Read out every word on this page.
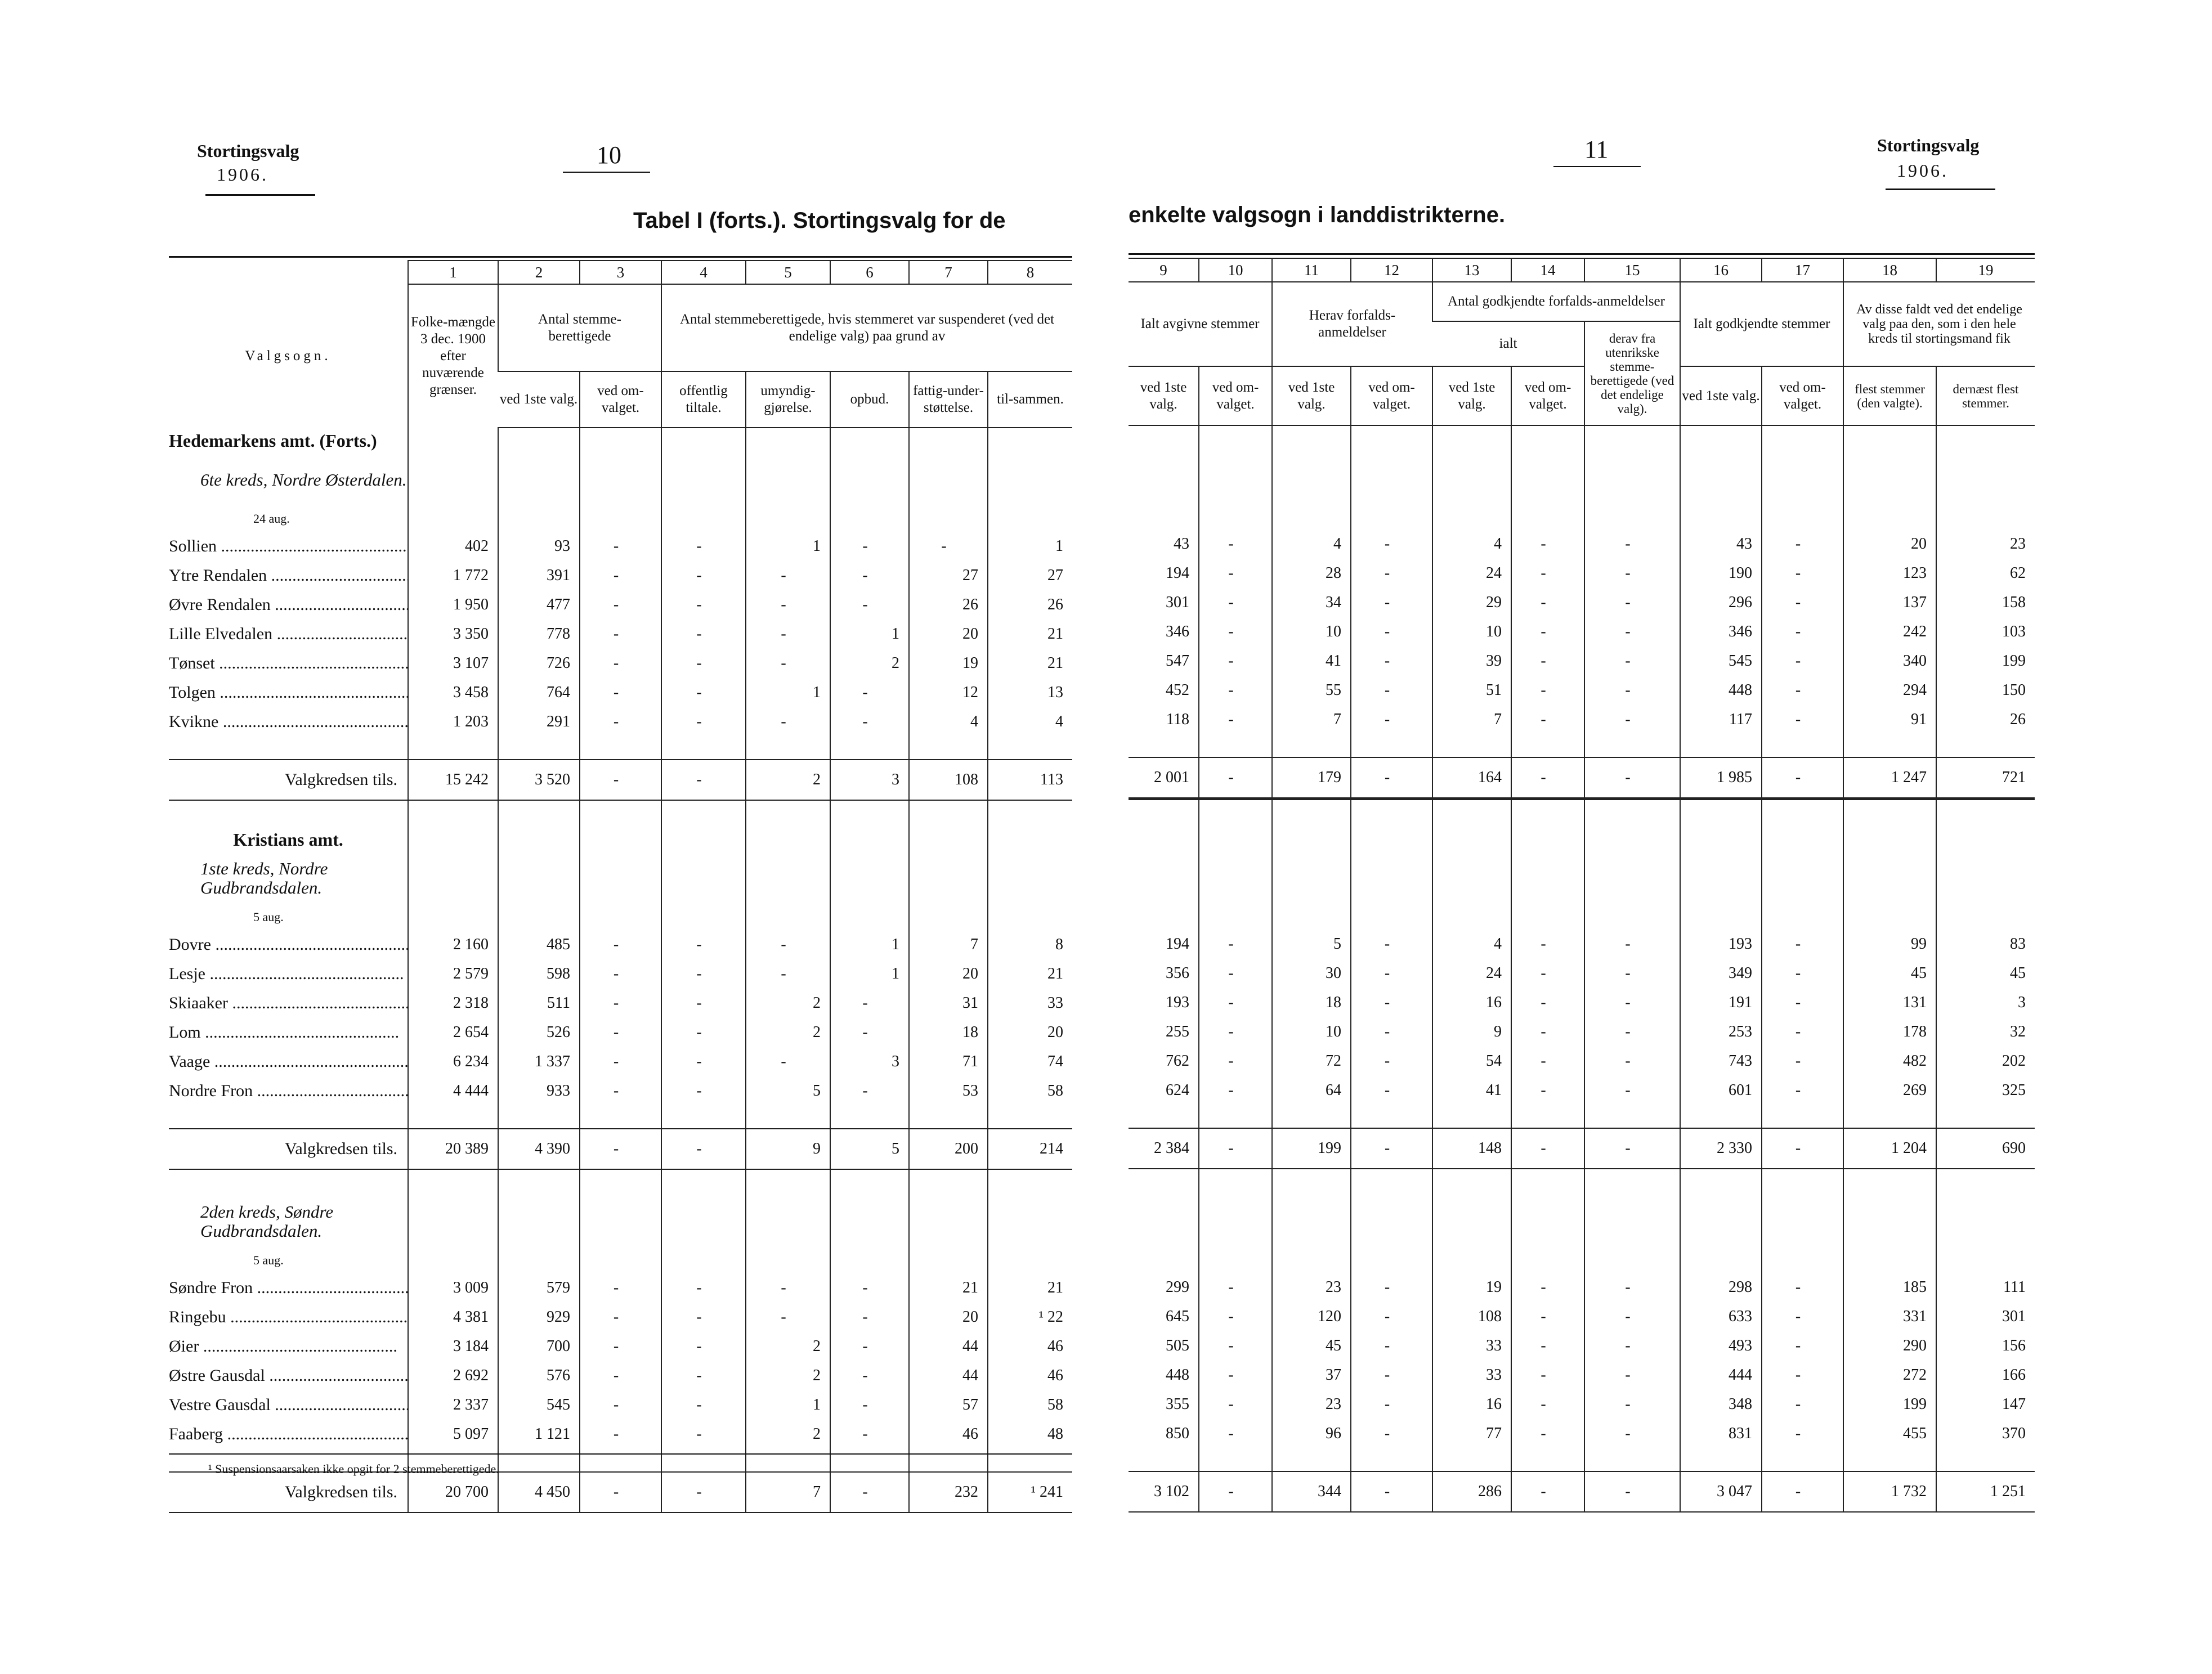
Stortingsvalg
1906.
10	11	Stortingsvalg
1906.
Tabel I (forts.). Stortingsvalg for de	enkelte valgsogn i landdistrikterne.
	1	2	3	4	5	6	7	8
Valgsogn.	Folke-mængde 3 dec. 1900 efter nuværende grænser.	Antal stemme-berettigede		Antal stemmeberettigede, hvis stemmeret var suspenderet (ved det endelige valg) paa grund av				
		ved 1ste valg.	ved om-valget.	offentlig tiltale.	umyndig-gjørelse.	opbud.	fattig-under-støttelse.	til-sammen.
Hedemarkens amt. (Forts.)								
6te kreds, Nordre Østerdalen.								
24 aug.								
Sollien .....	402	93	-	-	1	-	-	1
Ytre Rendalen .....	1 772	391	-	-	-	-	27	27
Øvre Rendalen .....	1 950	477	-	-	-	-	26	26
Lille Elvedalen .....	3 350	778	-	-	-	1	20	21
Tønset .....	3 107	726	-	-	-	2	19	21
Tolgen .....	3 458	764	-	-	1	-	12	13
Kvikne .....	1 203	291	-	-	-	-	4	4

Valgkredsen tils.	15 242	3 520	-	-	2	3	108	113

Kristians amt.								
1ste kreds, Nordre Gudbrandsdalen.								
5 aug.								
Dovre .....	2 160	485	-	-	-	1	7	8
Lesje .....	2 579	598	-	-	-	1	20	21
Skiaaker .....	2 318	511	-	-	2	-	31	33
Lom .....	2 654	526	-	-	2	-	18	20
Vaage .....	6 234	1 337	-	-	-	3	71	74
Nordre Fron .....	4 444	933	-	-	5	-	53	58

Valgkredsen tils.	20 389	4 390	-	-	9	5	200	214

2den kreds, Søndre Gudbrandsdalen.								
5 aug.								
Søndre Fron .....	3 009	579	-	-	-	-	21	21
Ringebu .....	4 381	929	-	-	-	-	20	¹ 22
Øier .....	3 184	700	-	-	2	-	44	46
Østre Gausdal .....	2 692	576	-	-	2	-	44	46
Vestre Gausdal .....	2 337	545	-	-	1	-	57	58
Faaberg .....	5 097	1 121	-	-	2	-	46	48

Valgkredsen tils.	20 700	4 450	-	-	7	-	232	¹ 241
9	10	11	12	13	14	15	16	17	18	19
Ialt avgivne stemmer		Herav forfalds-anmeldelser		Antal godkjendte forfalds-anmeldelser			Ialt godkjendte stemmer		Av disse faldt ved det endelige valg paa den, som i den hele kreds til stortingsmand fik	
				ialt		derav fra utenrikske stemme-berettigede (ved det endelige valg).				
ved 1ste valg.	ved om-valget.	ved 1ste valg.	ved om-valget.	ved 1ste valg.	ved om-valget.		ved 1ste valg.	ved om-valget.	flest stemmer (den valgte).	dernæst flest stemmer.

43	-	4	-	4	-	-	43	-	20	23
194	-	28	-	24	-	-	190	-	123	62
301	-	34	-	29	-	-	296	-	137	158
346	-	10	-	10	-	-	346	-	242	103
547	-	41	-	39	-	-	545	-	340	199
452	-	55	-	51	-	-	448	-	294	150
118	-	7	-	7	-	-	117	-	91	26

2 001	-	179	-	164	-	-	1 985	-	1 247	721

194	-	5	-	4	-	-	193	-	99	83
356	-	30	-	24	-	-	349	-	45	45
193	-	18	-	16	-	-	191	-	131	3
255	-	10	-	9	-	-	253	-	178	32
762	-	72	-	54	-	-	743	-	482	202
624	-	64	-	41	-	-	601	-	269	325

2 384	-	199	-	148	-	-	2 330	-	1 204	690

299	-	23	-	19	-	-	298	-	185	111
645	-	120	-	108	-	-	633	-	331	301
505	-	45	-	33	-	-	493	-	290	156
448	-	37	-	33	-	-	444	-	272	166
355	-	23	-	16	-	-	348	-	199	147
850	-	96	-	77	-	-	831	-	455	370

3 102	-	344	-	286	-	-	3 047	-	1 732	1 251
¹ Suspensionsaarsaken ikke opgit for 2 stemmeberettigede.
